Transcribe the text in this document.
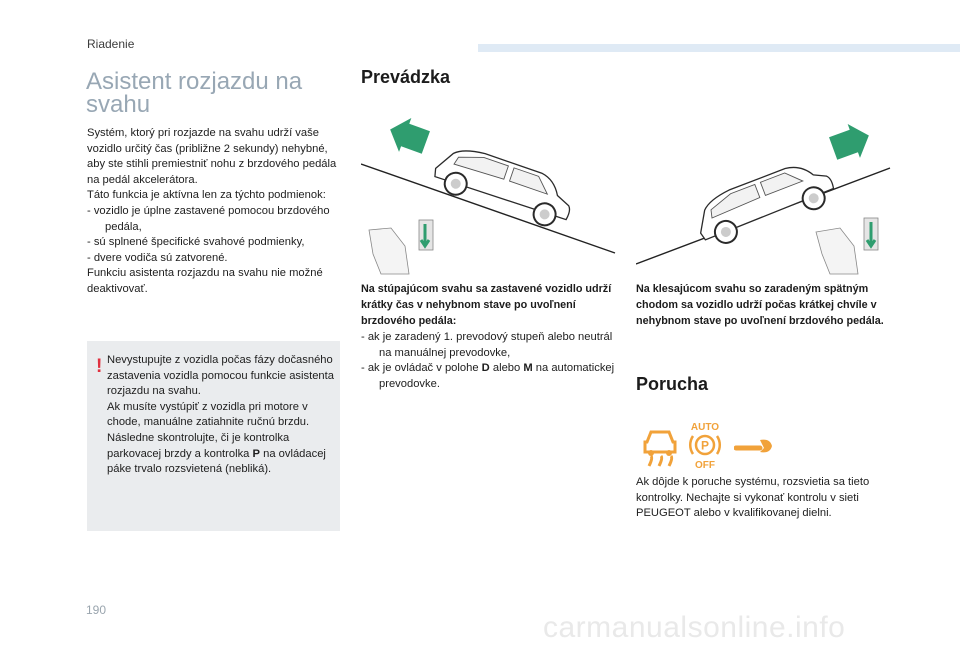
Riadenie
Asistent rozjazdu na svahu

Systém, ktorý pri rozjazde na svahu udrží vaše vozidlo určitý čas (približne 2 sekundy) nehybné, aby ste stihli premiestniť nohu z brzdového pedála na pedál akcelerátora.

Táto funkcia je aktívna len za týchto podmienok:

- vozidlo je úplne zastavené pomocou brzdového pedála,

- sú splnené špecifické svahové podmienky,

- dvere vodiča sú zatvorené.

Funkciu asistenta rozjazdu na svahu nie možné deaktivovať.

! Nevystupujte z vozidla počas fázy dočasného zastavenia vozidla pomocou funkcie asistenta rozjazdu na svahu.
Ak musíte vystúpiť z vozidla pri motore v chode, manuálne zatiahnite ručnú brzdu. Následne skontrolujte, či je kontrolka parkovacej brzdy a kontrolka P na ovládacej páke trvalo rozsvietená (nebliká).
Prevádzka
Na stúpajúcom svahu sa zastavené vozidlo udrží krátky čas v nehybnom stave po uvoľnení brzdového pedála:

- ak je zaradený 1. prevodový stupeň alebo neutrál na manuálnej prevodovke,

- ak je ovládač v polohe D alebo M na automatickej prevodovke.

Na klesajúcom svahu so zaradeným spätným chodom sa vozidlo udrží počas krátkej chvíle v nehybnom stave po uvoľnení brzdového pedála.
Porucha
AUTO
P
OFF
Ak dôjde k poruche systému, rozsvietia sa tieto kontrolky. Nechajte si vykonať kontrolu v sieti PEUGEOT alebo v kvalifikovanej dielni.
190
carmanualsonline.info
